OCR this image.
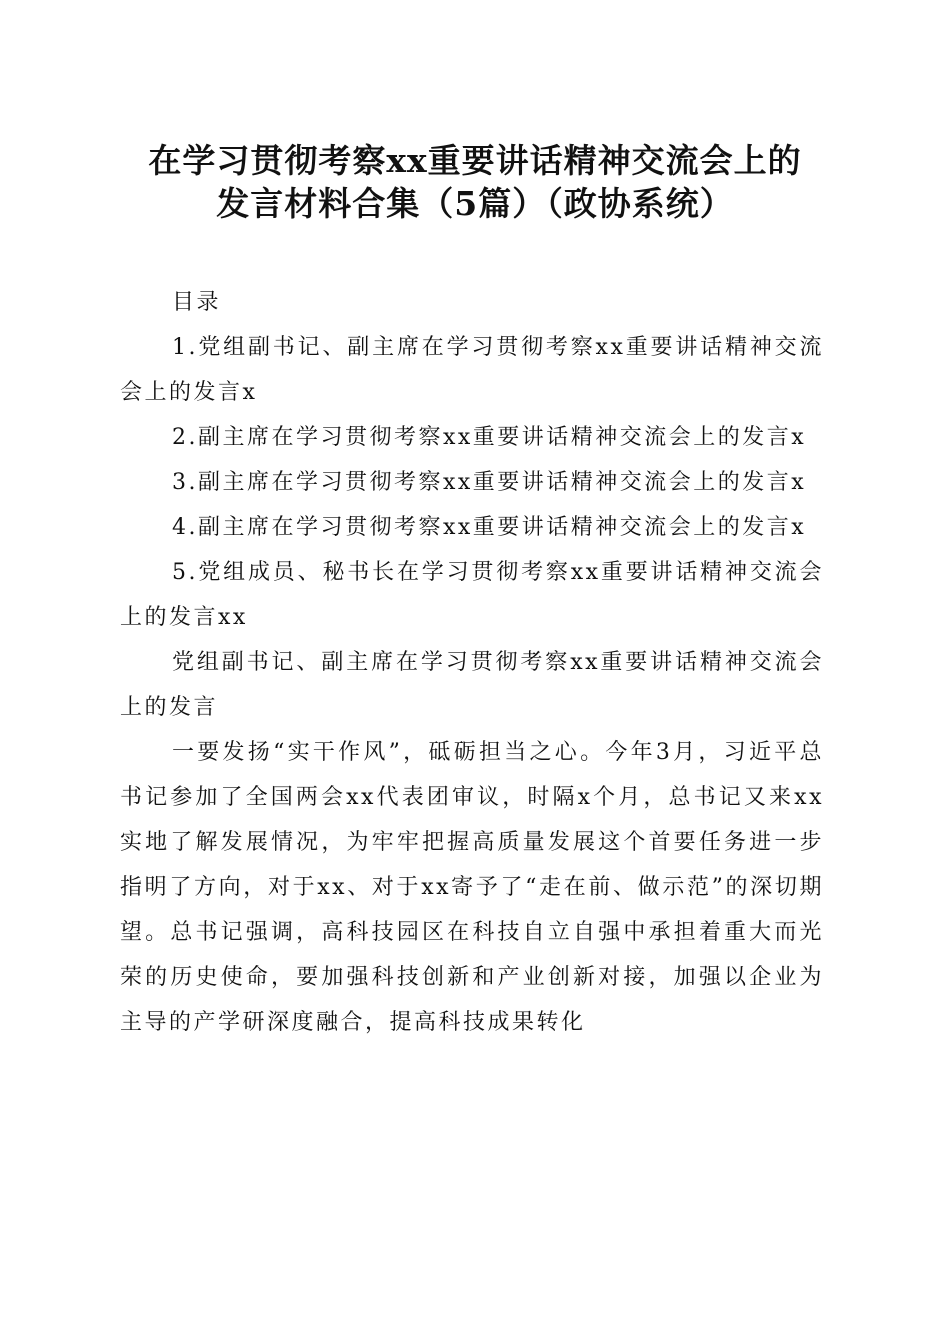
在学习贯彻考察xx重要讲话精神交流会上的
发言材料合集（5篇）（政协系统）

目录

1.党组副书记、副主席在学习贯彻考察xx重要讲话精神交流会上的发言x

2.副主席在学习贯彻考察xx重要讲话精神交流会上的发言x

3.副主席在学习贯彻考察xx重要讲话精神交流会上的发言x

4.副主席在学习贯彻考察xx重要讲话精神交流会上的发言x

5.党组成员、秘书长在学习贯彻考察xx重要讲话精神交流会上的发言xx

党组副书记、副主席在学习贯彻考察xx重要讲话精神交流会上的发言

一要发扬“实干作风”，砥砺担当之心。今年3月，习近平总书记参加了全国两会xx代表团审议，时隔x个月，总书记又来xx实地了解发展情况，为牢牢把握高质量发展这个首要任务进一步指明了方向，对于xx、对于xx寄予了“走在前、做示范”的深切期望。总书记强调，高科技园区在科技自立自强中承担着重大而光荣的历史使命，要加强科技创新和产业创新对接，加强以企业为主导的产学研深度融合，提高科技成果转化
